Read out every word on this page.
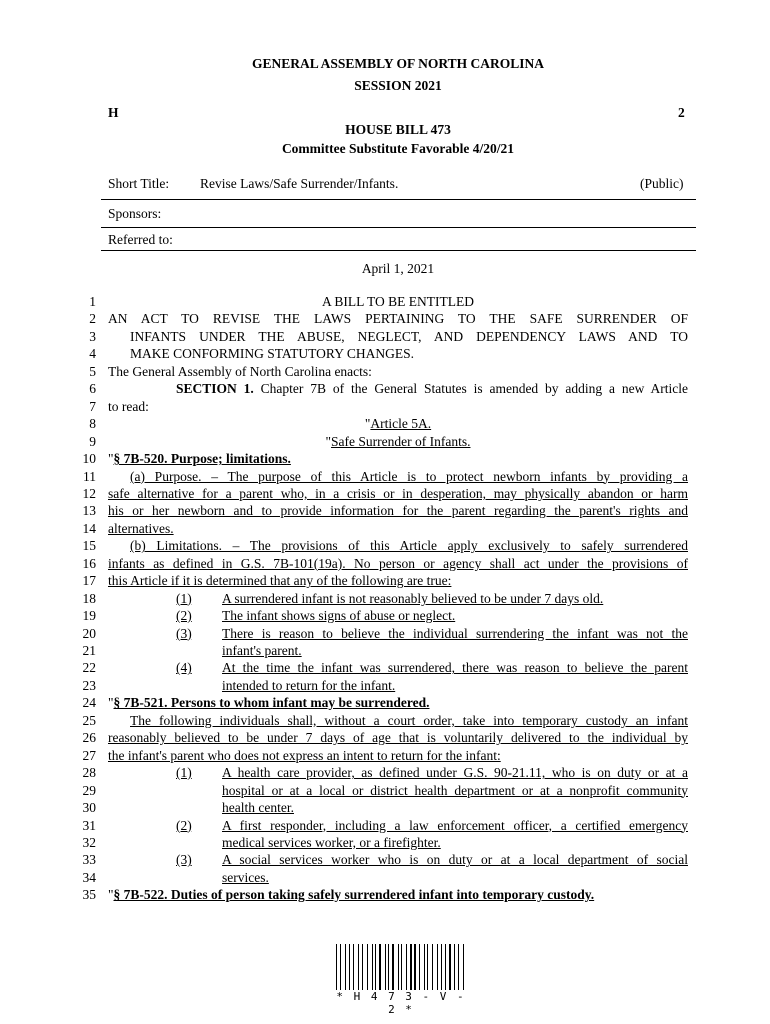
GENERAL ASSEMBLY OF NORTH CAROLINA
SESSION 2021
H	2
HOUSE BILL 473
Committee Substitute Favorable 4/20/21
Short Title: Revise Laws/Safe Surrender/Infants.	(Public)
Sponsors:
Referred to:
April 1, 2021
1	A BILL TO BE ENTITLED
2 AN ACT TO REVISE THE LAWS PERTAINING TO THE SAFE SURRENDER OF
3	INFANTS UNDER THE ABUSE, NEGLECT, AND DEPENDENCY LAWS AND TO
4	MAKE CONFORMING STATUTORY CHANGES.
5 The General Assembly of North Carolina enacts:
6	SECTION 1. Chapter 7B of the General Statutes is amended by adding a new Article
7 to read:
8	"Article 5A.
9	"Safe Surrender of Infants.
10 "§ 7B-520. Purpose; limitations.
11	(a) Purpose. – The purpose of this Article is to protect newborn infants by providing a
12 safe alternative for a parent who, in a crisis or in desperation, may physically abandon or harm
13 his or her newborn and to provide information for the parent regarding the parent's rights and
14 alternatives.
15	(b) Limitations. – The provisions of this Article apply exclusively to safely surrendered
16 infants as defined in G.S. 7B-101(19a). No person or agency shall act under the provisions of
17 this Article if it is determined that any of the following are true:
18	(1) A surrendered infant is not reasonably believed to be under 7 days old.
19	(2) The infant shows signs of abuse or neglect.
20	(3) There is reason to believe the individual surrendering the infant was not the
21	infant's parent.
22	(4) At the time the infant was surrendered, there was reason to believe the parent
23	intended to return for the infant.
24 "§ 7B-521. Persons to whom infant may be surrendered.
25	The following individuals shall, without a court order, take into temporary custody an infant
26 reasonably believed to be under 7 days of age that is voluntarily delivered to the individual by
27 the infant's parent who does not express an intent to return for the infant:
28	(1) A health care provider, as defined under G.S. 90-21.11, who is on duty or at a
29	hospital or at a local or district health department or at a nonprofit community
30	health center.
31	(2) A first responder, including a law enforcement officer, a certified emergency
32	medical services worker, or a firefighter.
33	(3) A social services worker who is on duty or at a local department of social
34	services.
35 "§ 7B-522. Duties of person taking safely surrendered infant into temporary custody.
* H 4 7 3 - V - 2 *
